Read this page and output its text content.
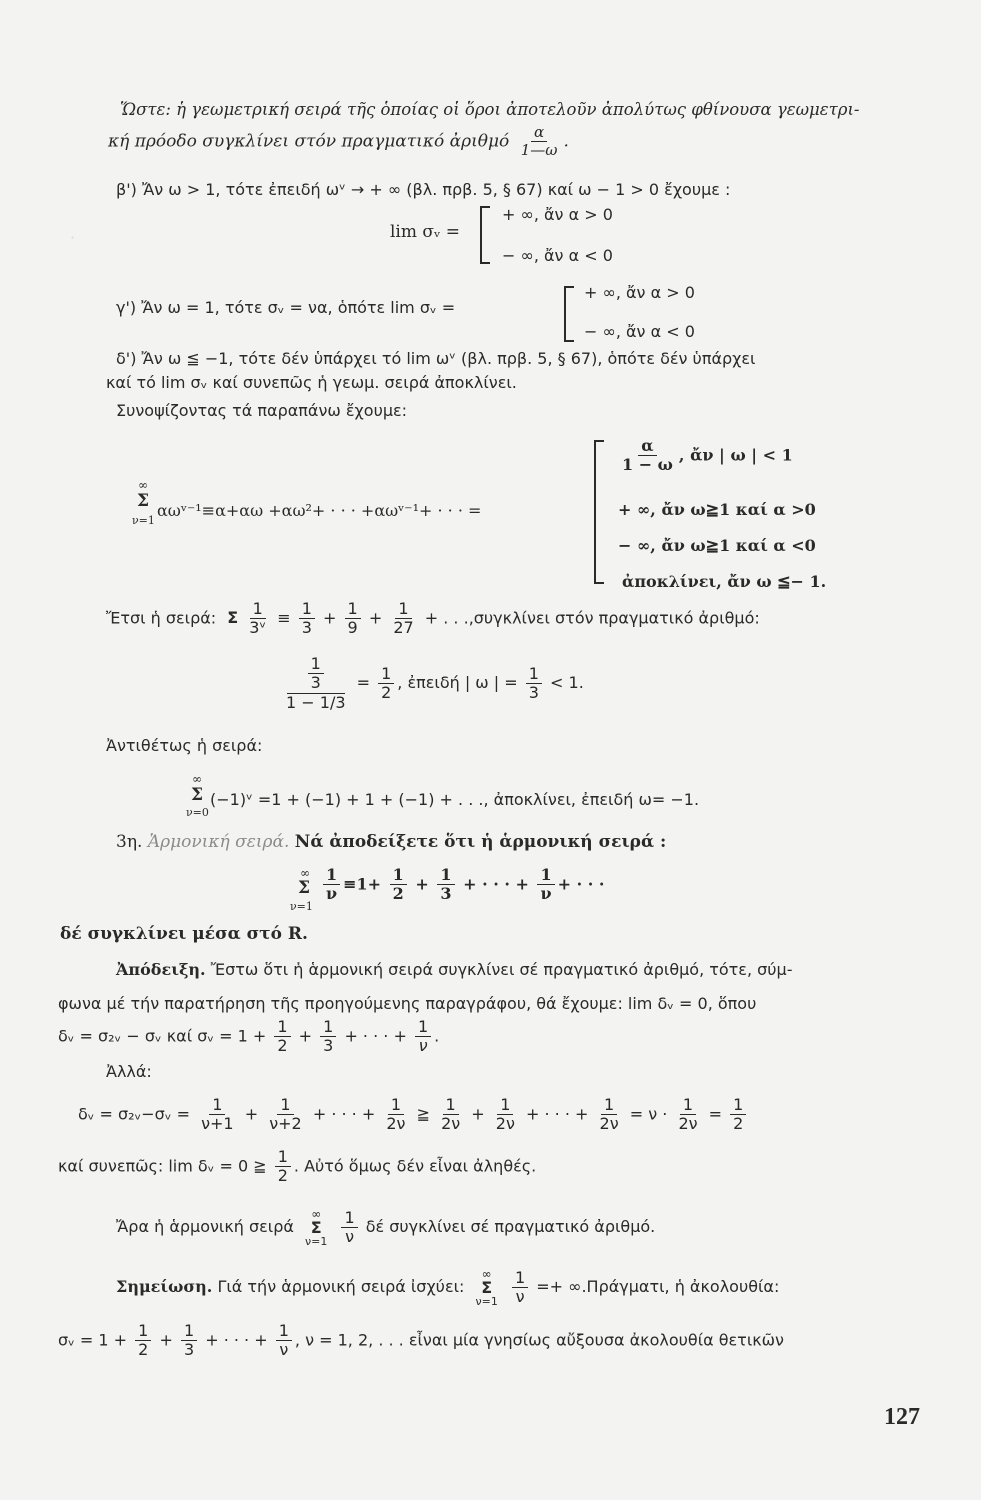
·
Ὥστε: ἡ γεωμετρική σειρά τῆς ὁποίας οἱ ὅροι ἀποτελοῦν ἀπολύτως φθίνουσα γεωμετρι-
κή πρόοδο συγκλίνει στόν πραγματικό ἀριθμό $\frac{\alpha}{1—\omega}$ .
β') Ἄν ω > 1, τότε ἐπειδή ωᵛ → + ∞ (βλ. πρβ. 5, § 67) καί ω − 1 > 0 ἔχουμε :
lim σᵥ =
+ ∞, ἄν α > 0
− ∞, ἄν α < 0
γ') Ἄν ω = 1, τότε σᵥ = να, ὁπότε lim σᵥ =
+ ∞, ἄν α > 0
− ∞, ἄν α < 0
δ') Ἄν ω ≦ −1, τότε δέν ὑπάρχει τό lim ωᵛ (βλ. πρβ. 5, § 67), ὁπότε δέν ὑπάρχει
καί τό lim σᵥ καί συνεπῶς ἡ γεωμ. σειρά ἀποκλίνει.
Συνοψίζοντας τά παραπάνω ἔχουμε:
∞
Σ
ν=1
αωᵛ⁻¹≡α+αω +αω²+ · · · +αωᵛ⁻¹+ · · · =
$\frac{\alpha}{1 - \omega}$ , ἄν | ω | < 1
+ ∞, ἄν ω≧1 καί α >0
− ∞, ἄν ω≧1 καί α <0
ἀποκλίνει, ἄν ω ≦− 1.
Ἔτσι ἡ σειρά: Σ $\frac{1}{\text{3ᵛ}} \equiv \frac{1}{3} + \frac{1}{9} + \frac{1}{27}$ + . . .,συγκλίνει στόν πραγματικό ἀριθμό:
$\frac{\frac{1}{3}}{1 - 1/3} = \frac{1}{2}$ , ἐπειδή | ω | = $\frac{1}{3} < 1$.
Ἀντιθέτως ἡ σειρά:
∞
Σ
ν=0
(−1)ᵛ =1 + (−1) + 1 + (−1) + . . ., ἀποκλίνει, ἐπειδή ω= −1.
3η. Ἁρμονική σειρά. Νά ἀποδείξετε ὅτι ἡ ἁρμονική σειρά :
∞
Σ
ν=1
$\frac{1}{\nu} \equiv 1+ \frac{1}{2} + \frac{1}{3}$ + · · · + $\frac{1}{\nu}$ + · · ·
δέ συγκλίνει μέσα στό R.
Ἀπόδειξη. Ἔστω ὅτι ἡ ἁρμονική σειρά συγκλίνει σέ πραγματικό ἀριθμό, τότε, σύμ-
φωνα μέ τήν παρατήρηση τῆς προηγούμενης παραγράφου, θά ἔχουμε: lim δᵥ = 0, ὅπου
δᵥ = σ₂ᵥ − σᵥ καί σᵥ = $1 + \frac{1}{2} + \frac{1}{3}$ + · · · + $\frac{1}{\nu}$ .
Ἀλλά:
δᵥ = σ₂ᵥ−σᵥ = $\frac{1}{\nu+1} + \frac{1}{\nu+2}$ + · · · + $\frac{1}{2\nu}$ ≧ $\frac{1}{2\nu} + \frac{1}{2\nu}$ + · · · + $\frac{1}{2\nu} = \nu \cdot \frac{1}{2\nu} = \frac{1}{2}$
καί συνεπῶς: lim δᵥ = 0 ≧ $\frac{1}{2}$ . Αὐτό ὅμως δέν εἶναι ἀληθές.
Ἄρα ἡ ἁρμονική σειρά
∞
Σ
ν=1
$\frac{1}{\nu}$ δέ συγκλίνει σέ πραγματικό ἀριθμό.
Σημείωση. Γιά τήν ἁρμονική σειρά ἰσχύει:
∞
Σ
ν=1
$\frac{1}{\nu} =+ \infty.\Pi\rho ά\gamma\mu\alpha\tau\iota$, ἡ ἀκολουθία:
σᵥ = $1 + \frac{1}{2} + \frac{1}{3}$ + · · · + $\frac{1}{\nu}$ , ν = 1, 2, . . . εἶναι μία γνησίως αὔξουσα ἀκολουθία θετικῶν
127
